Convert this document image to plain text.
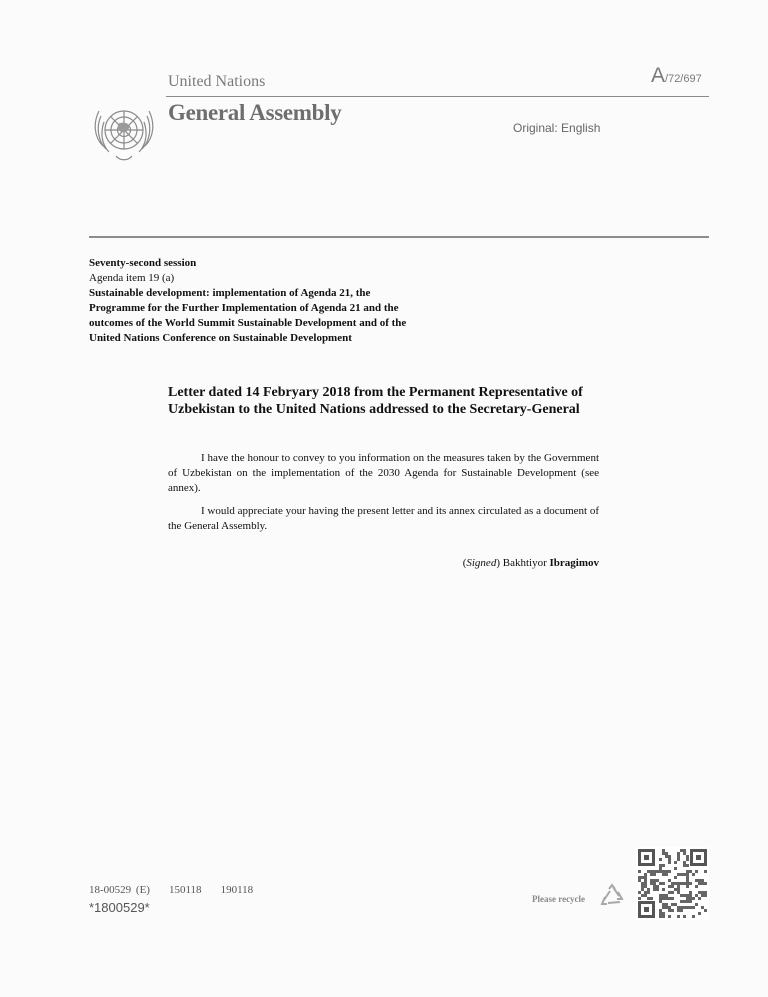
United Nations	A/72/697
General Assembly
Original: English
Seventy-second session
Agenda item 19 (a)
Sustainable development: implementation of Agenda 21, the Programme for the Further Implementation of Agenda 21 and the outcomes of the World Summit Sustainable Development and of the United Nations Conference on Sustainable Development
Letter dated 14 Febryary 2018 from the Permanent Representative of Uzbekistan to the United Nations addressed to the Secretary-General
I have the honour to convey to you information on the measures taken by the Government of Uzbekistan on the implementation of the 2030 Agenda for Sustainable Development (see annex).
I would appreciate your having the present letter and its annex circulated as a document of the General Assembly.
(Signed) Bakhtiyor Ibragimov
18-00529 (E) 150118 190118
*1800529*
Please recycle
